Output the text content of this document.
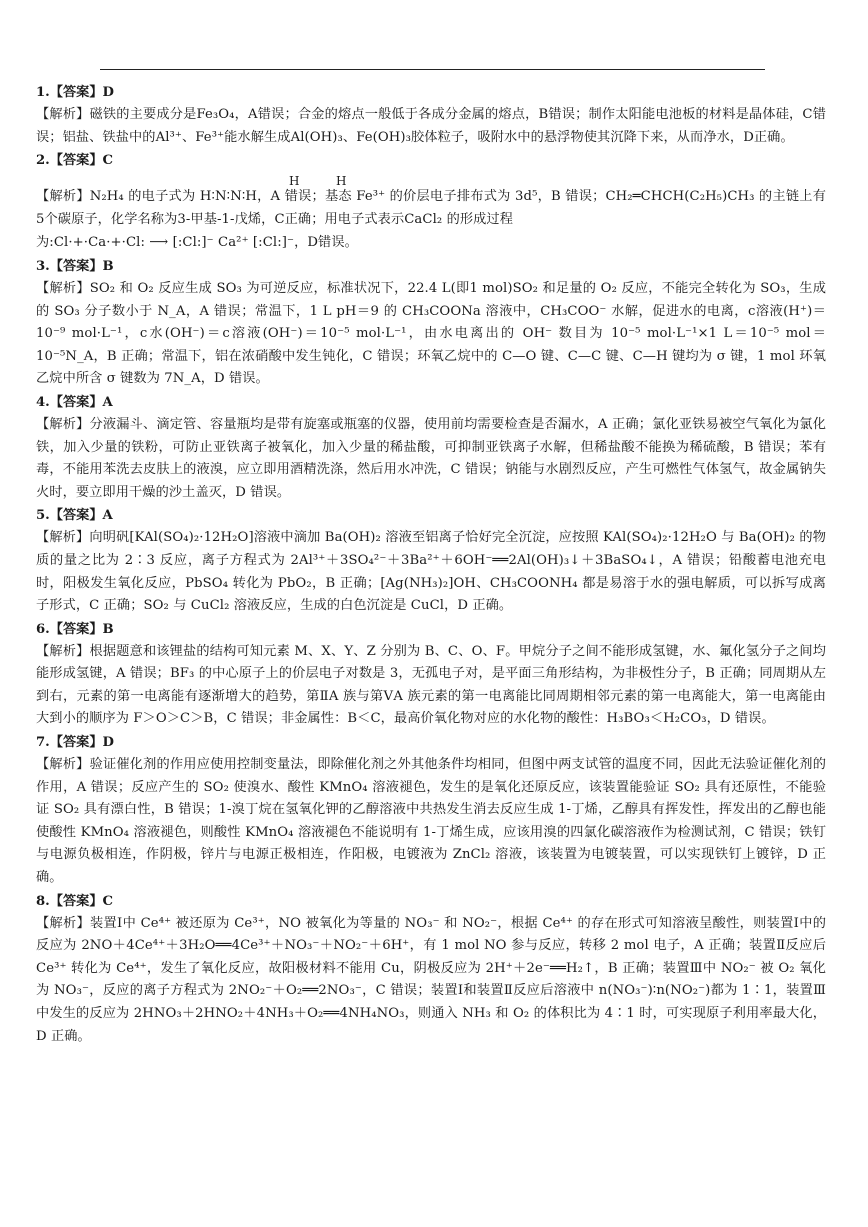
1.【答案】D

【解析】磁铁的主要成分是Fe₃O₄，A错误；合金的熔点一般低于各成分金属的熔点，B错误；制作太阳能电池板的材料是晶体硅，C错误；铝盐、铁盐中的Al³⁺、Fe³⁺能水解生成Al(OH)₃、Fe(OH)₃胶体粒子，吸附水中的悬浮物使其沉降下来，从而净水，D正确。

2.【答案】C
H	H

【解析】N₂H₄ 的电子式为 H∶N∶N∶H，A 错误；基态 Fe³⁺ 的价层电子排布式为 3d⁵，B 错误；CH₂═CHCH(C₂H₅)CH₃ 的主链上有5个碳原子，化学名称为3-甲基-1-戊烯，C正确；用电子式表示CaCl₂ 的形成过程

为:Cl·+·Ca·+·Cl: ⟶ [:Cl:]⁻ Ca²⁺ [:Cl:]⁻，D错误。

3.【答案】B

【解析】SO₂ 和 O₂ 反应生成 SO₃ 为可逆反应，标准状况下，22.4 L(即1 mol)SO₂ 和足量的 O₂ 反应，不能完全转化为 SO₃，生成的 SO₃ 分子数小于 N_A，A 错误；常温下，1 L pH＝9 的 CH₃COONa 溶液中，CH₃COO⁻ 水解，促进水的电离，c溶液(H⁺)＝10⁻⁹ mol·L⁻¹，c水(OH⁻)＝c溶液(OH⁻)＝10⁻⁵ mol·L⁻¹，由水电离出的 OH⁻ 数目为 10⁻⁵ mol·L⁻¹×1 L＝10⁻⁵ mol＝10⁻⁵N_A，B 正确；常温下，铝在浓硝酸中发生钝化，C 错误；环氧乙烷中的 C—O 键、C—C 键、C—H 键均为 σ 键，1 mol 环氧乙烷中所含 σ 键数为 7N_A，D 错误。

4.【答案】A

【解析】分液漏斗、滴定管、容量瓶均是带有旋塞或瓶塞的仪器，使用前均需要检查是否漏水，A 正确；氯化亚铁易被空气氧化为氯化铁，加入少量的铁粉，可防止亚铁离子被氧化，加入少量的稀盐酸，可抑制亚铁离子水解，但稀盐酸不能换为稀硫酸，B 错误；苯有毒，不能用苯洗去皮肤上的液溴，应立即用酒精洗涤，然后用水冲洗，C 错误；钠能与水剧烈反应，产生可燃性气体氢气，故金属钠失火时，要立即用干燥的沙土盖灭，D 错误。

5.【答案】A

【解析】向明矾[KAl(SO₄)₂·12H₂O]溶液中滴加 Ba(OH)₂ 溶液至铝离子恰好完全沉淀，应按照 KAl(SO₄)₂·12H₂O 与 Ba(OH)₂ 的物质的量之比为 2∶3 反应，离子方程式为 2Al³⁺＋3SO₄²⁻＋3Ba²⁺＋6OH⁻══2Al(OH)₃↓＋3BaSO₄↓，A 错误；铅酸蓄电池充电时，阳极发生氧化反应，PbSO₄ 转化为 PbO₂，B 正确；[Ag(NH₃)₂]OH、CH₃COONH₄ 都是易溶于水的强电解质，可以拆写成离子形式，C 正确；SO₂ 与 CuCl₂ 溶液反应，生成的白色沉淀是 CuCl，D 正确。

6.【答案】B

【解析】根据题意和该锂盐的结构可知元素 M、X、Y、Z 分别为 B、C、O、F。甲烷分子之间不能形成氢键，水、氟化氢分子之间均能形成氢键，A 错误；BF₃ 的中心原子上的价层电子对数是 3，无孤电子对，是平面三角形结构，为非极性分子，B 正确；同周期从左到右，元素的第一电离能有逐渐增大的趋势，第ⅡA 族与第ⅤA 族元素的第一电离能比同周期相邻元素的第一电离能大，第一电离能由大到小的顺序为 F＞O＞C＞B，C 错误；非金属性：B＜C，最高价氧化物对应的水化物的酸性：H₃BO₃＜H₂CO₃，D 错误。

7.【答案】D

【解析】验证催化剂的作用应使用控制变量法，即除催化剂之外其他条件均相同，但图中两支试管的温度不同，因此无法验证催化剂的作用，A 错误；反应产生的 SO₂ 使溴水、酸性 KMnO₄ 溶液褪色，发生的是氧化还原反应，该装置能验证 SO₂ 具有还原性，不能验证 SO₂ 具有漂白性，B 错误；1-溴丁烷在氢氧化钾的乙醇溶液中共热发生消去反应生成 1-丁烯，乙醇具有挥发性，挥发出的乙醇也能使酸性 KMnO₄ 溶液褪色，则酸性 KMnO₄ 溶液褪色不能说明有 1-丁烯生成，应该用溴的四氯化碳溶液作为检测试剂，C 错误；铁钉与电源负极相连，作阴极，锌片与电源正极相连，作阳极，电镀液为 ZnCl₂ 溶液，该装置为电镀装置，可以实现铁钉上镀锌，D 正确。

8.【答案】C

【解析】装置Ⅰ中 Ce⁴⁺ 被还原为 Ce³⁺，NO 被氧化为等量的 NO₃⁻ 和 NO₂⁻，根据 Ce⁴⁺ 的存在形式可知溶液呈酸性，则装置Ⅰ中的反应为 2NO＋4Ce⁴⁺＋3H₂O══4Ce³⁺＋NO₃⁻＋NO₂⁻＋6H⁺，有 1 mol NO 参与反应，转移 2 mol 电子，A 正确；装置Ⅱ反应后 Ce³⁺ 转化为 Ce⁴⁺，发生了氧化反应，故阳极材料不能用 Cu，阴极反应为 2H⁺＋2e⁻══H₂↑，B 正确；装置Ⅲ中 NO₂⁻ 被 O₂ 氧化为 NO₃⁻，反应的离子方程式为 2NO₂⁻＋O₂══2NO₃⁻，C 错误；装置Ⅰ和装置Ⅱ反应后溶液中 n(NO₃⁻)∶n(NO₂⁻)都为 1∶1，装置Ⅲ中发生的反应为 2HNO₃＋2HNO₂＋4NH₃＋O₂══4NH₄NO₃，则通入 NH₃ 和 O₂ 的体积比为 4∶1 时，可实现原子利用率最大化，D 正确。
